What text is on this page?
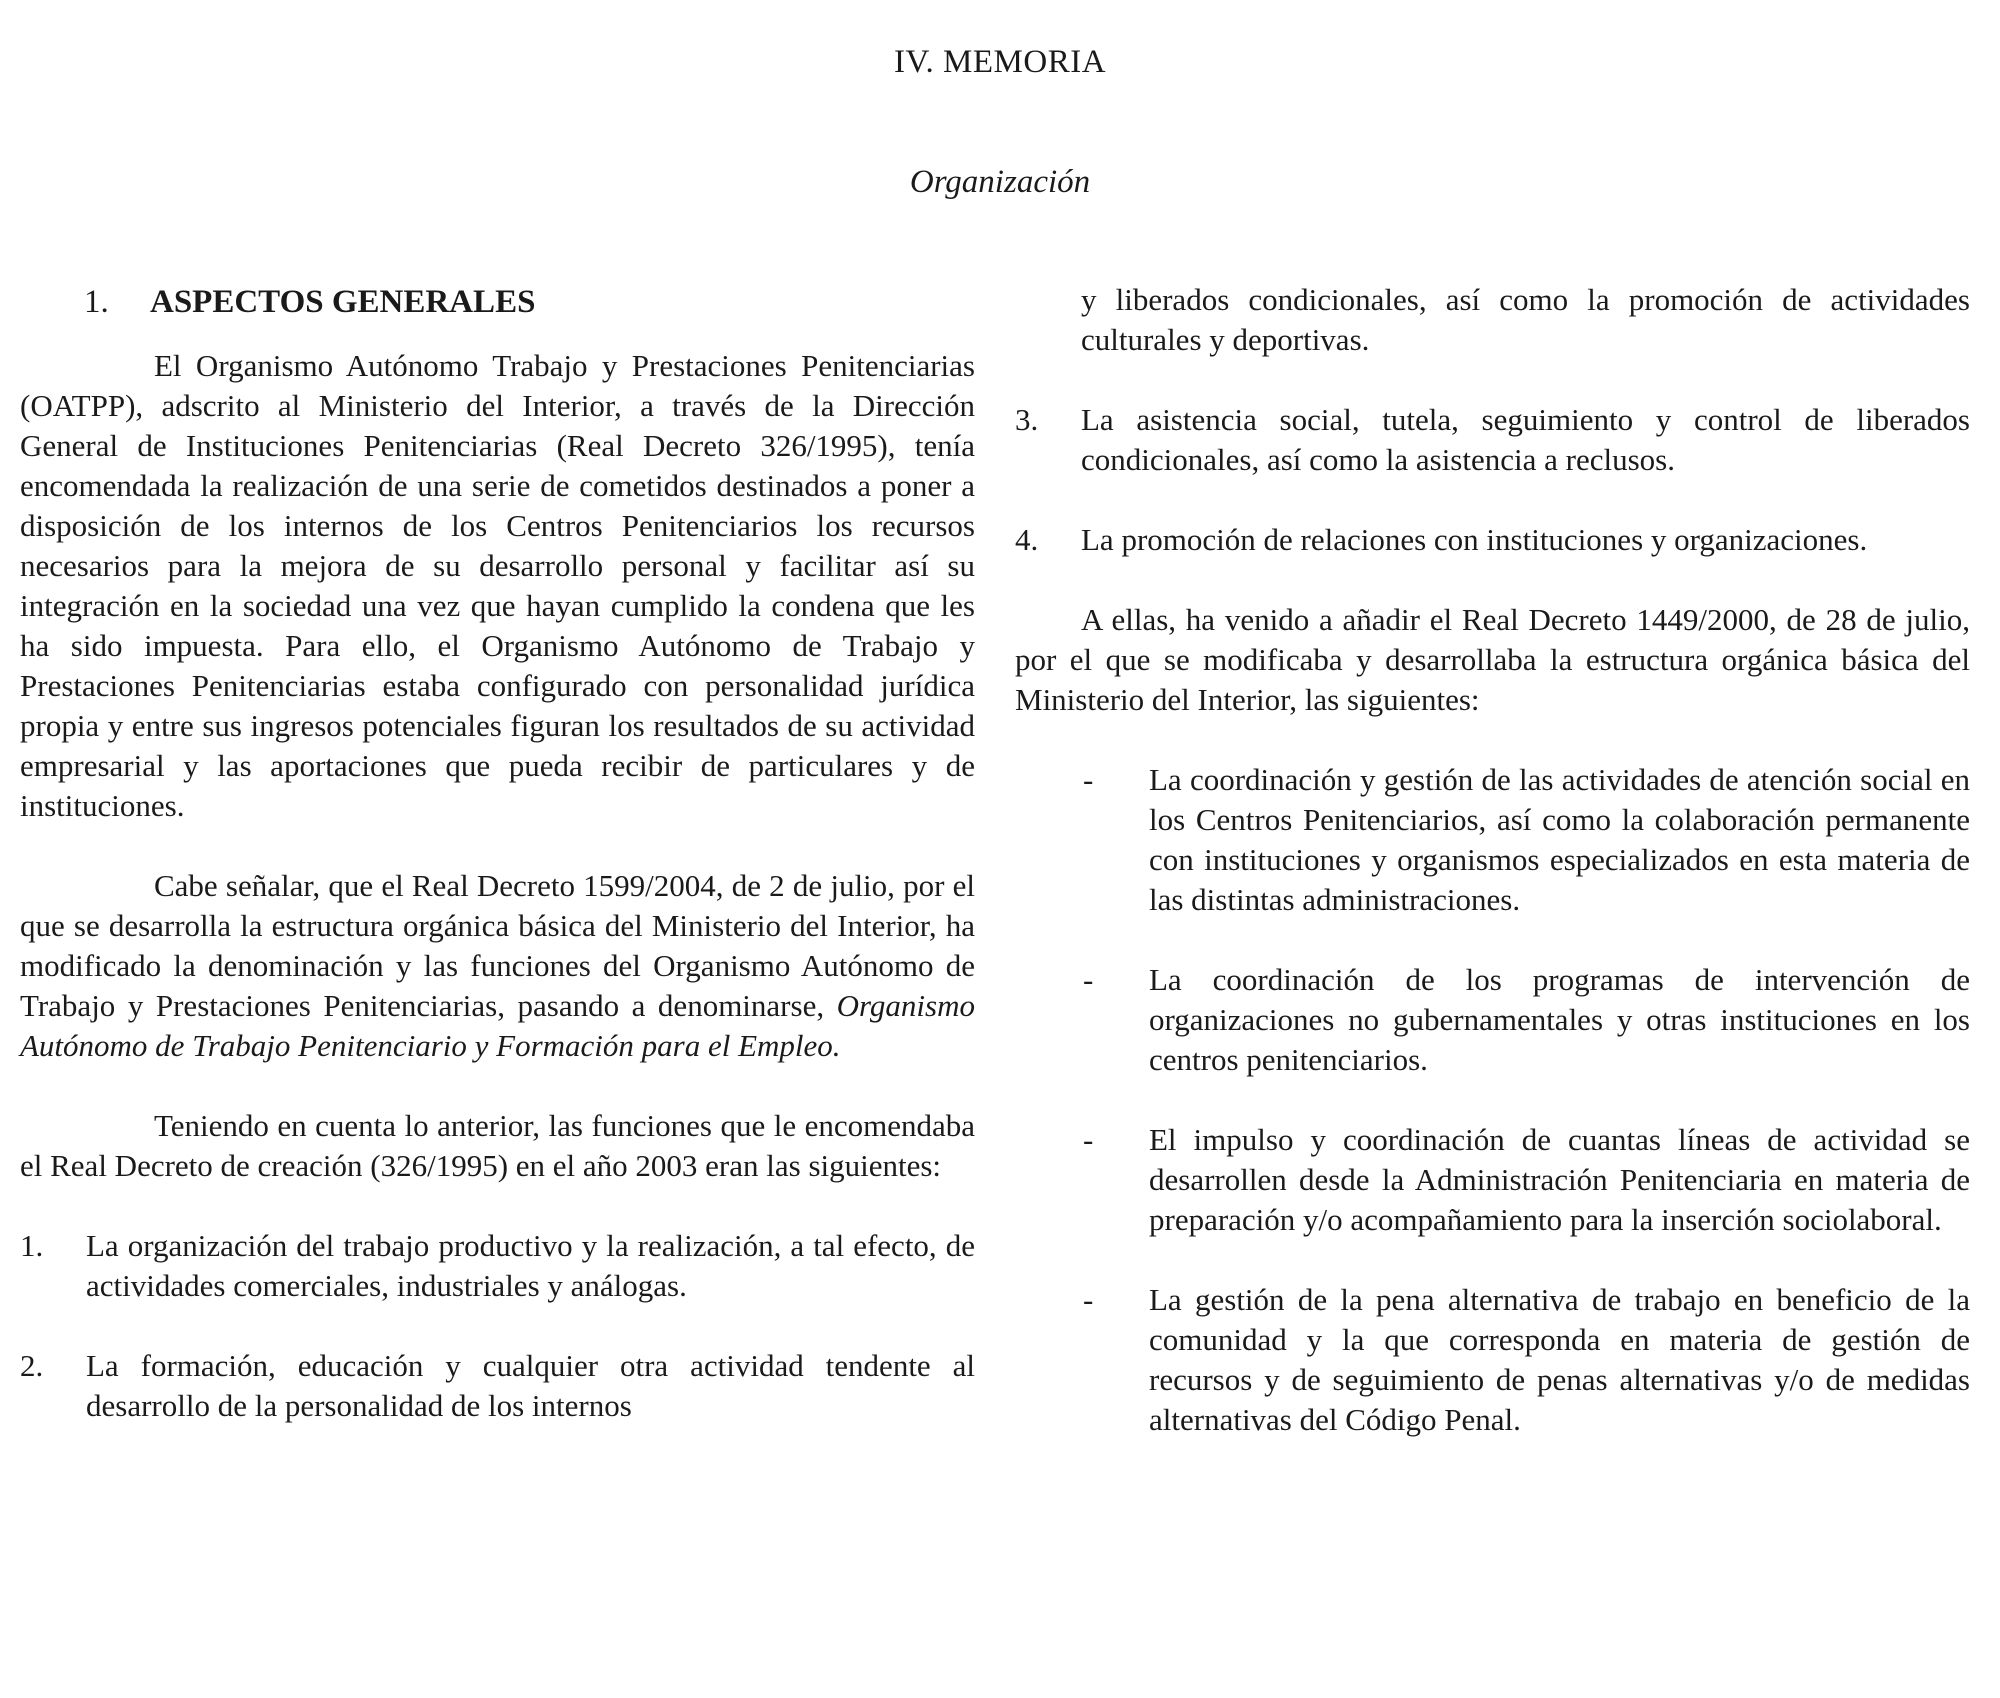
IV. MEMORIA
Organización
1. ASPECTOS GENERALES

El Organismo Autónomo Trabajo y Prestaciones Penitenciarias (OATPP), adscrito al Ministerio del Interior, a través de la Dirección General de Instituciones Penitenciarias (Real Decreto 326/1995), tenía encomendada la realización de una serie de cometidos destinados a poner a disposición de los internos de los Centros Penitenciarios los recursos necesarios para la mejora de su desarrollo personal y facilitar así su integración en la sociedad una vez que hayan cumplido la condena que les ha sido impuesta. Para ello, el Organismo Autónomo de Trabajo y Prestaciones Penitenciarias estaba configurado con personalidad jurídica propia y entre sus ingresos potenciales figuran los resultados de su actividad empresarial y las aportaciones que pueda recibir de particulares y de instituciones.

Cabe señalar, que el Real Decreto 1599/2004, de 2 de julio, por el que se desarrolla la estructura orgánica básica del Ministerio del Interior, ha modificado la denominación y las funciones del Organismo Autónomo de Trabajo y Prestaciones Penitenciarias, pasando a denominarse, Organismo Autónomo de Trabajo Penitenciario y Formación para el Empleo.

Teniendo en cuenta lo anterior, las funciones que le encomendaba el Real Decreto de creación (326/1995) en el año 2003 eran las siguientes:

1.	La organización del trabajo productivo y la realización, a tal efecto, de actividades comerciales, industriales y análogas.
2.	La formación, educación y cualquier otra actividad tendente al desarrollo de la personalidad de los internos

y liberados condicionales, así como la promoción de actividades culturales y deportivas.

3.	La asistencia social, tutela, seguimiento y control de liberados condicionales, así como la asistencia a reclusos.
4.	La promoción de relaciones con instituciones y organizaciones.

A ellas, ha venido a añadir el Real Decreto 1449/2000, de 28 de julio, por el que se modificaba y desarrollaba la estructura orgánica básica del Ministerio del Interior, las siguientes:

-	La coordinación y gestión de las actividades de atención social en los Centros Penitenciarios, así como la colaboración permanente con instituciones y organismos especializados en esta materia de las distintas administraciones.
-	La coordinación de los programas de intervención de organizaciones no gubernamentales y otras instituciones en los centros penitenciarios.
-	El impulso y coordinación de cuantas líneas de actividad se desarrollen desde la Administración Penitenciaria en materia de preparación y/o acompañamiento para la inserción sociolaboral.
-	La gestión de la pena alternativa de trabajo en beneficio de la comunidad y la que corresponda en materia de gestión de recursos y de seguimiento de penas alternativas y/o de medidas alternativas del Código Penal.
